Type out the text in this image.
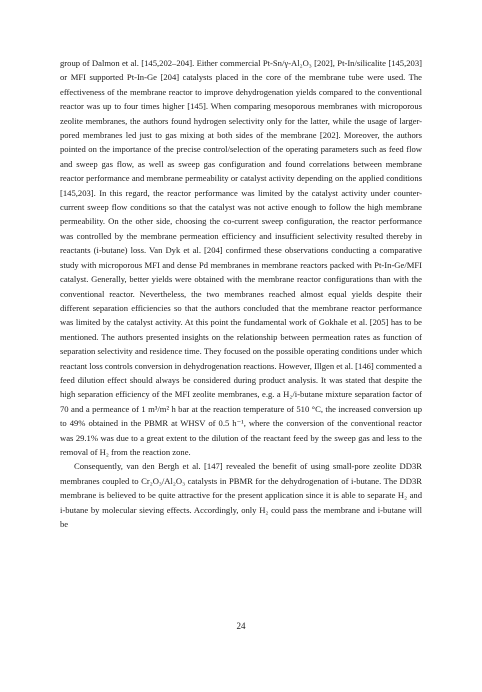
group of Dalmon et al. [145,202–204]. Either commercial Pt-Sn/γ-Al₂O₃ [202], Pt-In/silicalite [145,203] or MFI supported Pt-In-Ge [204] catalysts placed in the core of the membrane tube were used. The effectiveness of the membrane reactor to improve dehydrogenation yields compared to the conventional reactor was up to four times higher [145]. When comparing mesoporous membranes with microporous zeolite membranes, the authors found hydrogen selectivity only for the latter, while the usage of larger-pored membranes led just to gas mixing at both sides of the membrane [202]. Moreover, the authors pointed on the importance of the precise control/selection of the operating parameters such as feed flow and sweep gas flow, as well as sweep gas configuration and found correlations between membrane reactor performance and membrane permeability or catalyst activity depending on the applied conditions [145,203]. In this regard, the reactor performance was limited by the catalyst activity under counter-current sweep flow conditions so that the catalyst was not active enough to follow the high membrane permeability. On the other side, choosing the co-current sweep configuration, the reactor performance was controlled by the membrane permeation efficiency and insufficient selectivity resulted thereby in reactants (i-butane) loss. Van Dyk et al. [204] confirmed these observations conducting a comparative study with microporous MFI and dense Pd membranes in membrane reactors packed with Pt-In-Ge/MFI catalyst. Generally, better yields were obtained with the membrane reactor configurations than with the conventional reactor. Nevertheless, the two membranes reached almost equal yields despite their different separation efficiencies so that the authors concluded that the membrane reactor performance was limited by the catalyst activity. At this point the fundamental work of Gokhale et al. [205] has to be mentioned. The authors presented insights on the relationship between permeation rates as function of separation selectivity and residence time. They focused on the possible operating conditions under which reactant loss controls conversion in dehydrogenation reactions. However, Illgen et al. [146] commented a feed dilution effect should always be considered during product analysis. It was stated that despite the high separation efficiency of the MFI zeolite membranes, e.g. a H₂/i-butane mixture separation factor of 70 and a permeance of 1 m³/m² h bar at the reaction temperature of 510 °C, the increased conversion up to 49% obtained in the PBMR at WHSV of 0.5 h⁻¹, where the conversion of the conventional reactor was 29.1% was due to a great extent to the dilution of the reactant feed by the sweep gas and less to the removal of H₂ from the reaction zone.

Consequently, van den Bergh et al. [147] revealed the benefit of using small-pore zeolite DD3R membranes coupled to Cr₂O₃/Al₂O₃ catalysts in PBMR for the dehydrogenation of i-butane. The DD3R membrane is believed to be quite attractive for the present application since it is able to separate H₂ and i-butane by molecular sieving effects. Accordingly, only H₂ could pass the membrane and i-butane will be

24
